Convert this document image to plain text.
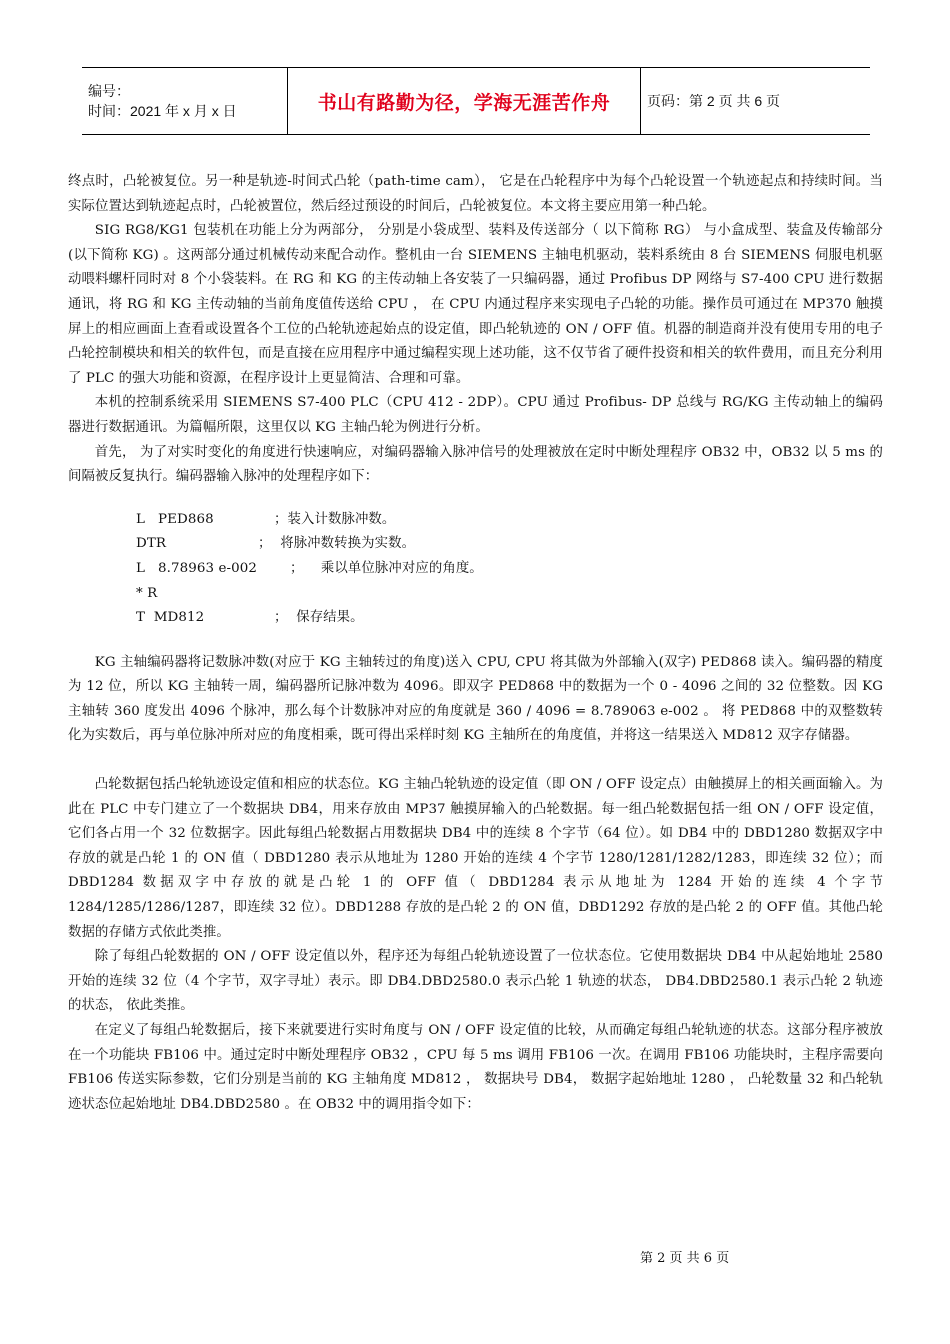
编号：
时间：2021 年 x 月 x 日	书山有路勤为径，学海无涯苦作舟	页码：第 2 页 共 6 页

终点时，凸轮被复位。另一种是轨迹-时间式凸轮（path-time cam）， 它是在凸轮程序中为每个凸轮设置一个轨迹起点和持续时间。当实际位置达到轨迹起点时，凸轮被置位，然后经过预设的时间后，凸轮被复位。本文将主要应用第一种凸轮。

SIG RG8/KG1 包装机在功能上分为两部分， 分别是小袋成型、装料及传送部分（ 以下简称 RG） 与小盒成型、装盒及传输部分(以下简称 KG) 。这两部分通过机械传动来配合动作。整机由一台 SIEMENS 主轴电机驱动，装料系统由 8 台 SIEMENS 伺服电机驱动喂料螺杆同时对 8 个小袋装料。在 RG 和 KG 的主传动轴上各安装了一只编码器，通过 Profibus DP 网络与 S7-400 CPU 进行数据通讯，将 RG 和 KG 主传动轴的当前角度值传送给 CPU ， 在 CPU 内通过程序来实现电子凸轮的功能。操作员可通过在 MP370 触摸屏上的相应画面上查看或设置各个工位的凸轮轨迹起始点的设定值，即凸轮轨迹的 ON / OFF 值。机器的制造商并没有使用专用的电子凸轮控制模块和相关的软件包，而是直接在应用程序中通过编程实现上述功能，这不仅节省了硬件投资和相关的软件费用，而且充分利用了 PLC 的强大功能和资源，在程序设计上更显简洁、合理和可靠。

本机的控制系统采用 SIEMENS S7-400 PLC（CPU 412 - 2DP）。CPU 通过 Profibus- DP 总线与 RG/KG 主传动轴上的编码器进行数据通讯。为篇幅所限，这里仅以 KG 主轴凸轮为例进行分析。

首先， 为了对实时变化的角度进行快速响应，对编码器输入脉冲信号的处理被放在定时中断处理程序 OB32 中，OB32 以 5 ms 的间隔被反复执行。编码器输入脉冲的处理程序如下：

L   PED868	；装入计数脉冲数。
DTR	；  将脉冲数转换为实数。
L   8.78963 e-002	；    乘以单位脉冲对应的角度。
* R
T  MD812	；  保存结果。

KG 主轴编码器将记数脉冲数(对应于 KG 主轴转过的角度)送入 CPU, CPU 将其做为外部输入(双字) PED868 读入。编码器的精度为 12 位，所以 KG 主轴转一周，编码器所记脉冲数为 4096。即双字 PED868 中的数据为一个 0 - 4096 之间的 32 位整数。因 KG 主轴转 360 度发出 4096 个脉冲，那么每个计数脉冲对应的角度就是 360 / 4096 = 8.789063 e-002 。 将 PED868 中的双整数转化为实数后，再与单位脉冲所对应的角度相乘，既可得出采样时刻 KG 主轴所在的角度值，并将这一结果送入 MD812 双字存储器。

凸轮数据包括凸轮轨迹设定值和相应的状态位。KG 主轴凸轮轨迹的设定值（即 ON / OFF 设定点）由触摸屏上的相关画面输入。为此在 PLC 中专门建立了一个数据块 DB4，用来存放由 MP37 触摸屏输入的凸轮数据。每一组凸轮数据包括一组 ON / OFF 设定值，它们各占用一个 32 位数据字。因此每组凸轮数据占用数据块 DB4 中的连续 8 个字节（64 位）。如 DB4 中的 DBD1280 数据双字中存放的就是凸轮 1 的 ON 值（ DBD1280 表示从地址为 1280 开始的连续 4 个字节 1280/1281/1282/1283，即连续 32 位）；而 DBD1284 数据双字中存放的就是凸轮 1 的 OFF 值（ DBD1284 表示从地址为 1284 开始的连续 4 个字节 1284/1285/1286/1287，即连续 32 位）。DBD1288 存放的是凸轮 2 的 ON 值，DBD1292 存放的是凸轮 2 的 OFF 值。其他凸轮数据的存储方式依此类推。

除了每组凸轮数据的 ON / OFF 设定值以外，程序还为每组凸轮轨迹设置了一位状态位。它使用数据块 DB4 中从起始地址 2580 开始的连续 32 位（4 个字节，双字寻址）表示。即 DB4.DBD2580.0 表示凸轮 1 轨迹的状态， DB4.DBD2580.1 表示凸轮 2 轨迹的状态， 依此类推。

在定义了每组凸轮数据后，接下来就要进行实时角度与 ON / OFF 设定值的比较，从而确定每组凸轮轨迹的状态。这部分程序被放在一个功能块 FB106 中。通过定时中断处理程序 OB32 ，CPU 每 5 ms 调用 FB106 一次。在调用 FB106 功能块时，主程序需要向 FB106 传送实际参数，它们分别是当前的 KG 主轴角度 MD812 ， 数据块号 DB4， 数据字起始地址 1280 ， 凸轮数量 32 和凸轮轨迹状态位起始地址 DB4.DBD2580 。在 OB32 中的调用指令如下：

第 2 页 共 6 页
